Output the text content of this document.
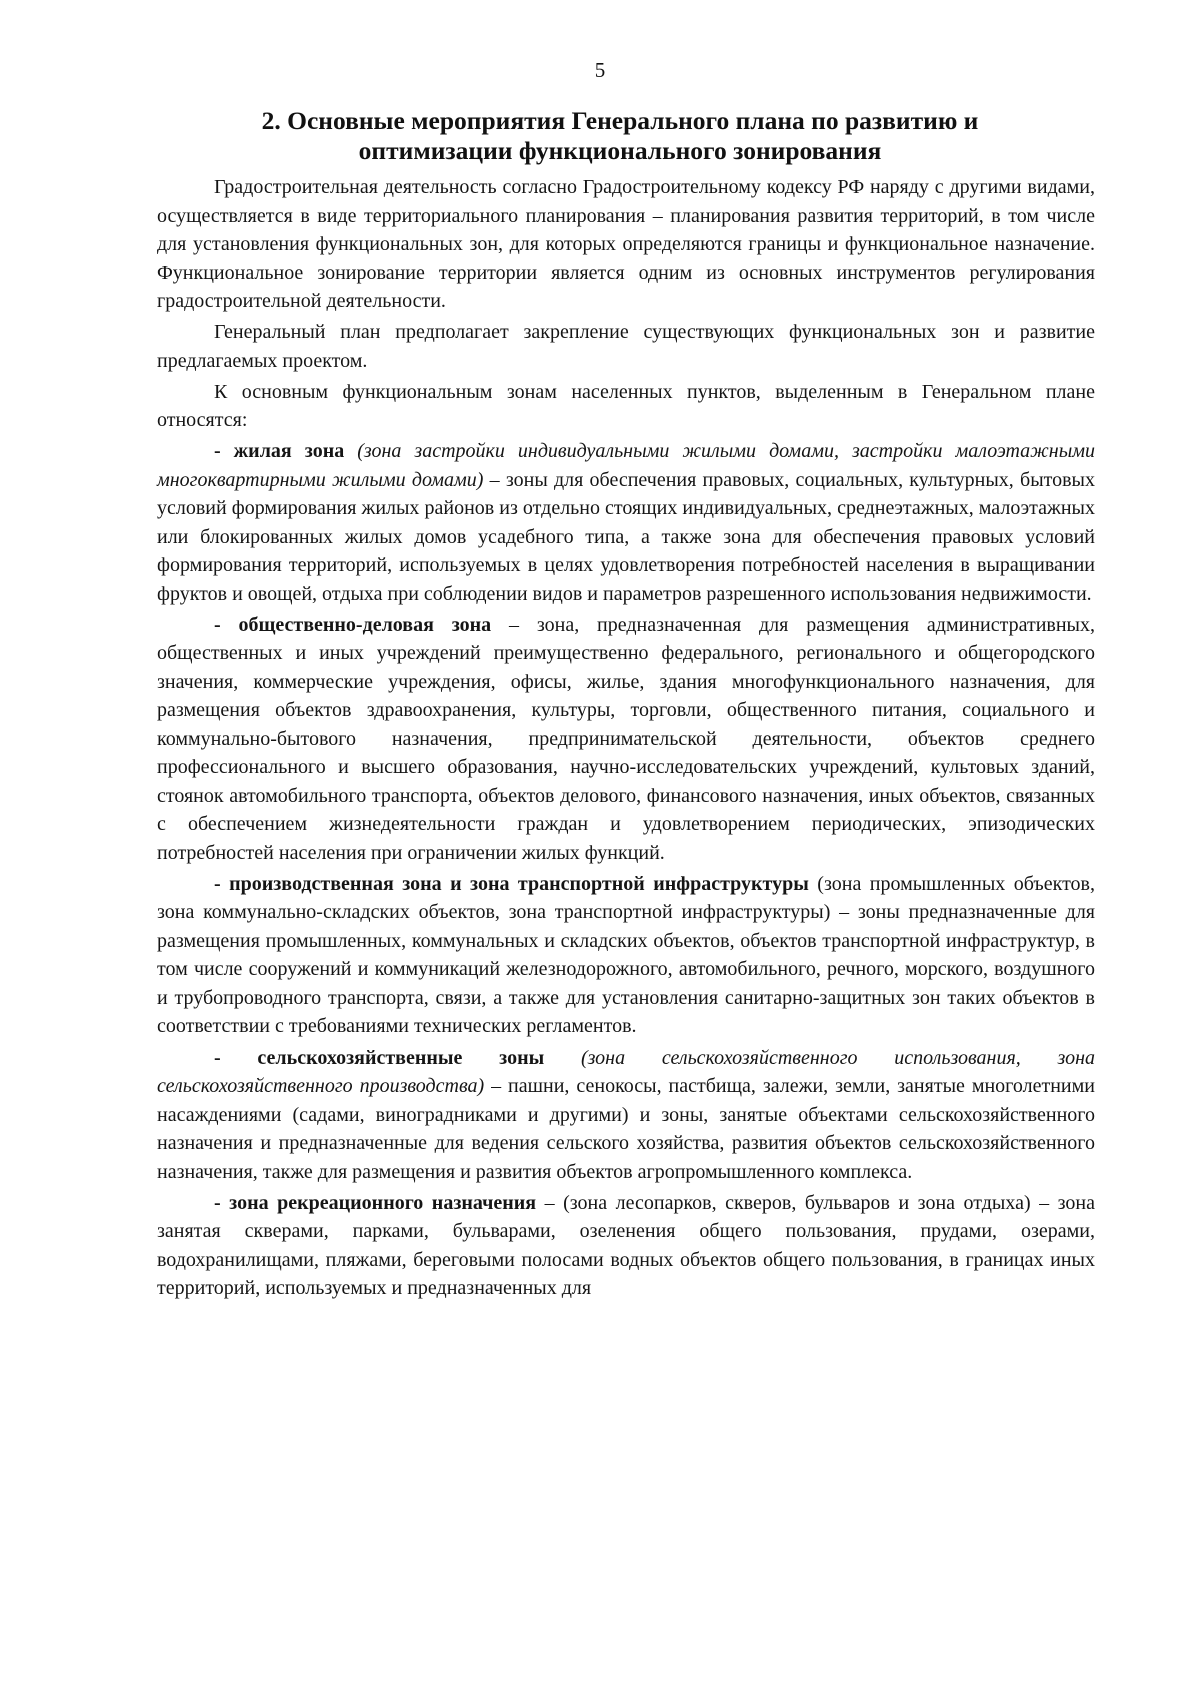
5
2. Основные мероприятия Генерального плана по развитию и
оптимизации функционального зонирования

Градостроительная деятельность согласно Градостроительному кодексу РФ наряду с другими видами, осуществляется в виде территориального планирования – планирования развития территорий, в том числе для установления функциональных зон, для которых определяются границы и функциональное назначение. Функциональное зонирование территории является одним из основных инструментов регулирования градостроительной деятельности.

Генеральный план предполагает закрепление существующих функциональных зон и развитие предлагаемых проектом.

К основным функциональным зонам населенных пунктов, выделенным в Генеральном плане относятся:

- жилая зона (зона застройки индивидуальными жилыми домами, застройки малоэтажными многоквартирными жилыми домами) – зоны для обеспечения правовых, социальных, культурных, бытовых условий формирования жилых районов из отдельно стоящих индивидуальных, среднеэтажных, малоэтажных или блокированных жилых домов усадебного типа, а также зона для обеспечения правовых условий формирования территорий, используемых в целях удовлетворения потребностей населения в выращивании фруктов и овощей, отдыха при соблюдении видов и параметров разрешенного использования недвижимости.

- общественно-деловая зона – зона, предназначенная для размещения административных, общественных и иных учреждений преимущественно федерального, регионального и общегородского значения, коммерческие учреждения, офисы, жилье, здания многофункционального назначения, для размещения объектов здравоохранения, культуры, торговли, общественного питания, социального и коммунально-бытового назначения, предпринимательской деятельности, объектов среднего профессионального и высшего образования, научно-исследовательских учреждений, культовых зданий, стоянок автомобильного транспорта, объектов делового, финансового назначения, иных объектов, связанных с обеспечением жизнедеятельности граждан и удовлетворением периодических, эпизодических потребностей населения при ограничении жилых функций.

- производственная зона и зона транспортной инфраструктуры (зона промышленных объектов, зона коммунально-складских объектов, зона транспортной инфраструктуры) – зоны предназначенные для размещения промышленных, коммунальных и складских объектов, объектов транспортной инфраструктур, в том числе сооружений и коммуникаций железнодорожного, автомобильного, речного, морского, воздушного и трубопроводного транспорта, связи, а также для установления санитарно-защитных зон таких объектов в соответствии с требованиями технических регламентов.

- сельскохозяйственные зоны (зона сельскохозяйственного использования, зона сельскохозяйственного производства) – пашни, сенокосы, пастбища, залежи, земли, занятые многолетними насаждениями (садами, виноградниками и другими) и зоны, занятые объектами сельскохозяйственного назначения и предназначенные для ведения сельского хозяйства, развития объектов сельскохозяйственного назначения, также для размещения и развития объектов агропромышленного комплекса.

- зона рекреационного назначения – (зона лесопарков, скверов, бульваров и зона отдыха) – зона занятая скверами, парками, бульварами, озеленения общего пользования, прудами, озерами, водохранилищами, пляжами, береговыми полосами водных объектов общего пользования, в границах иных территорий, используемых и предназначенных для
